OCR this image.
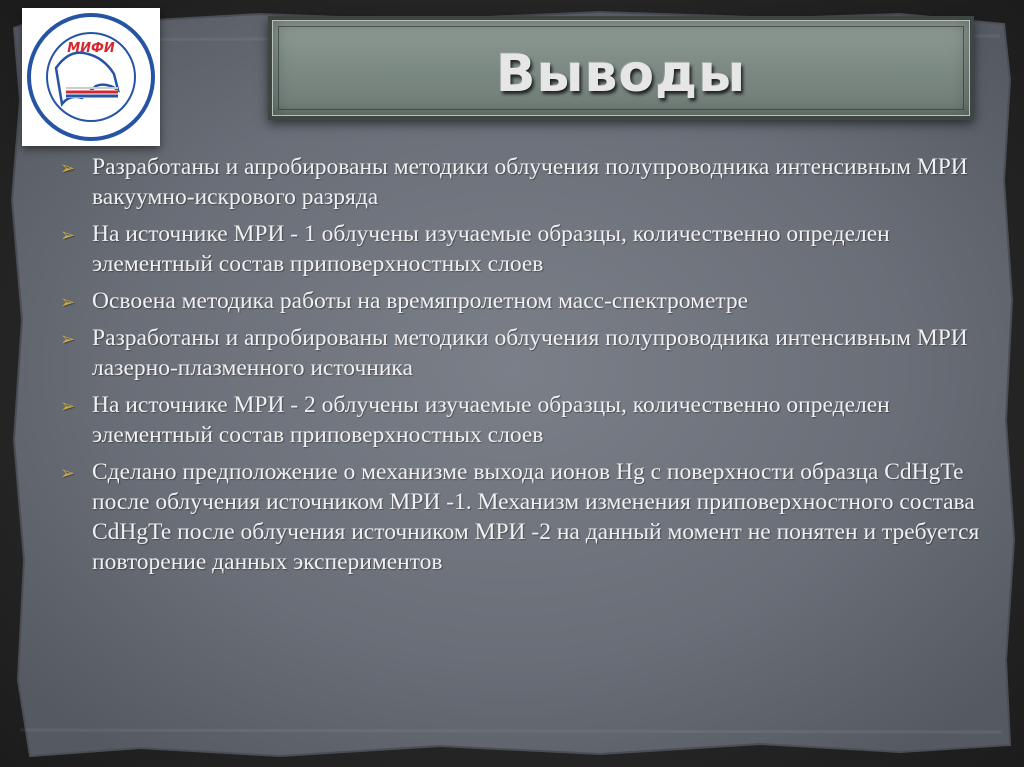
МИФИ	Выводы
➢ Разработаны и апробированы методики облучения полупроводника интенсивным МРИ вакуумно-искрового разряда
➢ На источнике МРИ - 1 облучены изучаемые образцы, количественно определен элементный состав приповерхностных слоев
➢ Освоена методика работы на времяпролетном масс-спектрометре
➢ Разработаны и апробированы методики облучения полупроводника интенсивным МРИ лазерно-плазменного источника
➢ На источнике МРИ - 2 облучены изучаемые образцы, количественно определен элементный состав приповерхностных слоев
➢ Сделано предположение о механизме выхода ионов Hg с поверхности образца CdHgTe после облучения источником МРИ -1. Механизм изменения приповерхностного состава CdHgTe после облучения источником МРИ -2 на данный момент не понятен и требуется повторение данных экспериментов
